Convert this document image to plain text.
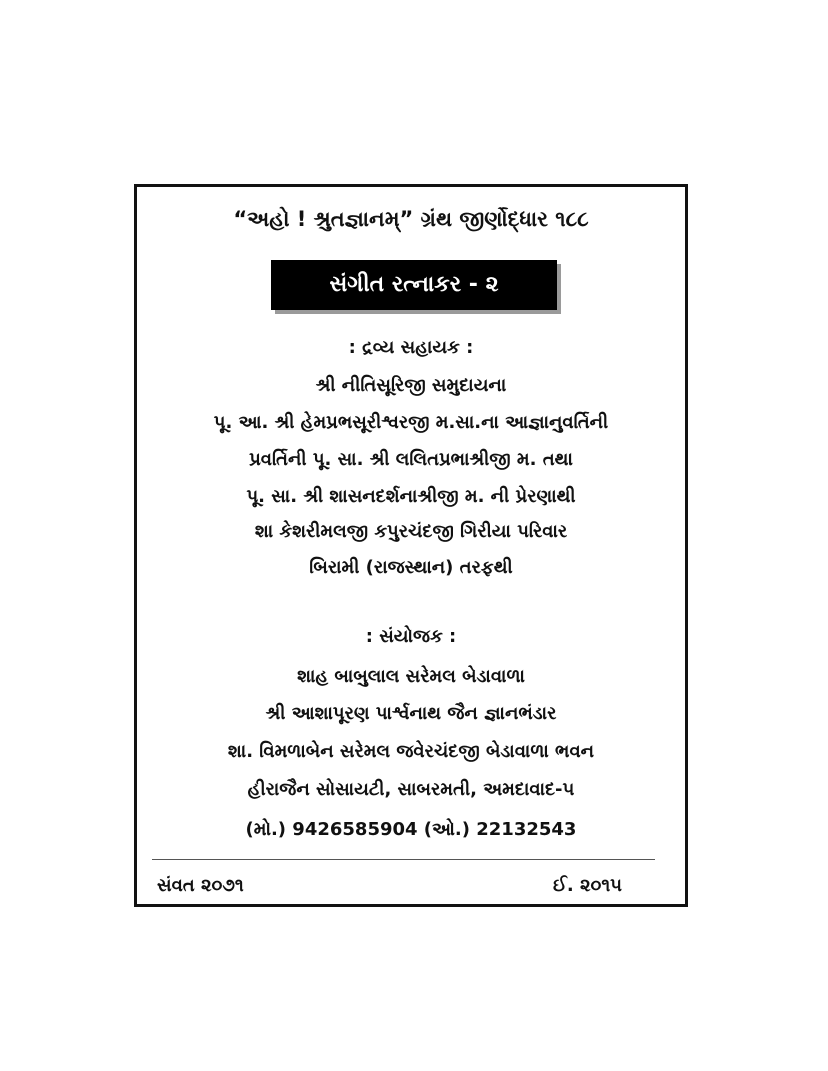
“અહો ! શ્રુતજ્ઞાનમ્” ગ્રંથ જીર્ણોદ્ધાર ૧૮૮
સંગીત રત્નાકર - ૨
: દ્રવ્ય સહાયક :
શ્રી નીતિસૂરિજી સમુદાયના
પૂ. આ. શ્રી હેમપ્રભસૂરીશ્વરજી મ.સા.ના આજ્ઞાનુવર્તિની
પ્રવર્તિની પૂ. સા. શ્રી લલિતપ્રભાશ્રીજી મ. તથા
પૂ. સા. શ્રી શાસનદર્શનાશ્રીજી મ. ની પ્રેરણાથી
શા કેશરીમલજી કપુરચંદજી ગિરીયા પરિવાર
બિરામી (રાજસ્થાન) તરફથી
: સંયોજક :
શાહ બાબુલાલ સરેમલ બેડાવાળા
શ્રી આશાપૂરણ પાર્શ્વનાથ જૈન જ્ઞાનભંડાર
શા. વિમળાબેન સરેમલ જવેરચંદજી બેડાવાળા ભવન
હીરાજૈન સોસાયટી, સાબરમતી, અમદાવાદ-૫
(મો.) 9426585904 (ઓ.) 22132543
સંવત ૨૦૭૧	ઈ. ૨૦૧૫
